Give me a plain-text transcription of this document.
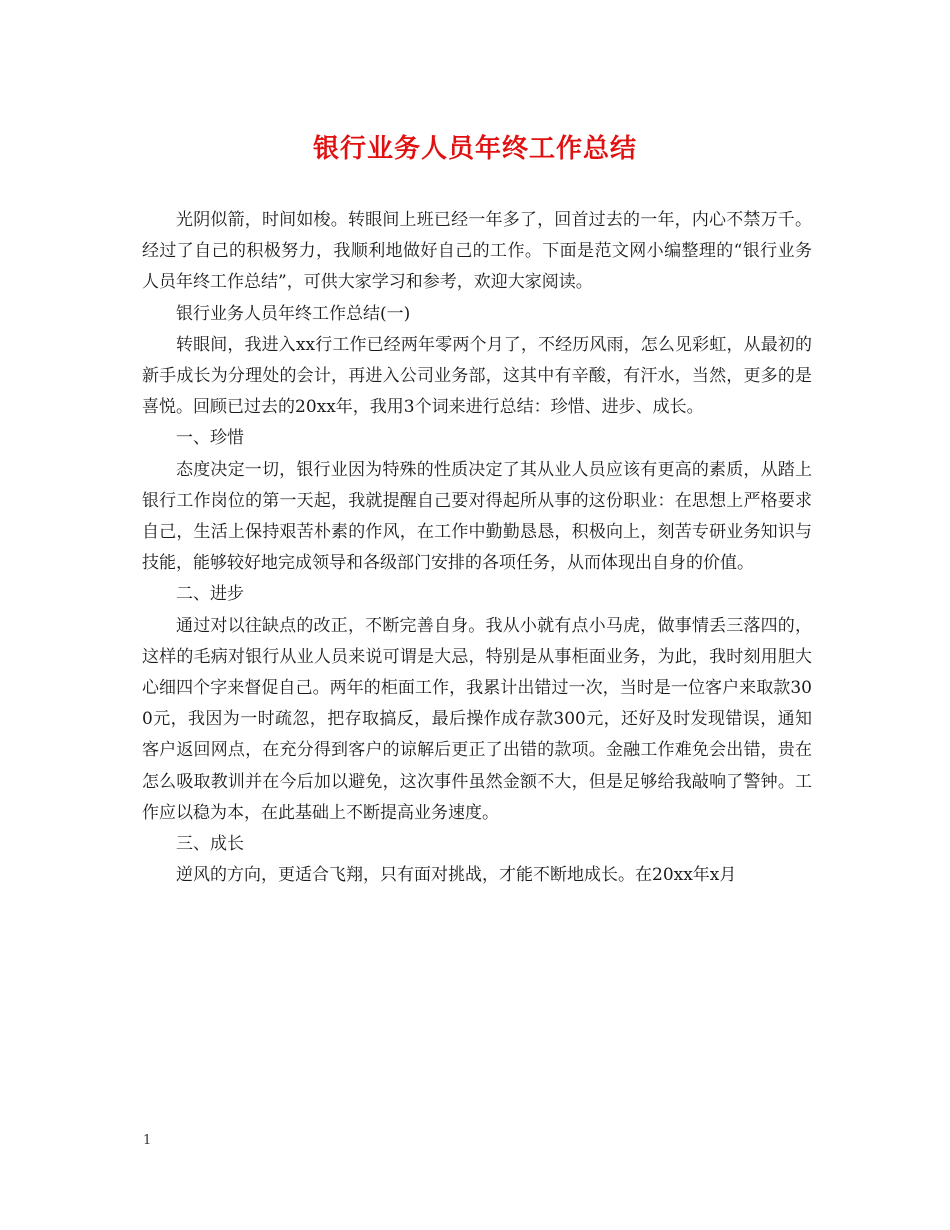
银行业务人员年终工作总结

光阴似箭，时间如梭。转眼间上班已经一年多了，回首过去的一年，内心不禁万千。经过了自己的积极努力，我顺利地做好自己的工作。下面是范文网小编整理的“银行业务人员年终工作总结”，可供大家学习和参考，欢迎大家阅读。

银行业务人员年终工作总结(一)

转眼间，我进入xx行工作已经两年零两个月了，不经历风雨，怎么见彩虹，从最初的新手成长为分理处的会计，再进入公司业务部，这其中有辛酸，有汗水，当然，更多的是喜悦。回顾已过去的20xx年，我用3个词来进行总结：珍惜、进步、成长。

一、珍惜

态度决定一切，银行业因为特殊的性质决定了其从业人员应该有更高的素质，从踏上银行工作岗位的第一天起，我就提醒自己要对得起所从事的这份职业：在思想上严格要求自己，生活上保持艰苦朴素的作风，在工作中勤勤恳恳，积极向上，刻苦专研业务知识与技能，能够较好地完成领导和各级部门安排的各项任务，从而体现出自身的价值。

二、进步

通过对以往缺点的改正，不断完善自身。我从小就有点小马虎，做事情丢三落四的，这样的毛病对银行从业人员来说可谓是大忌，特别是从事柜面业务，为此，我时刻用胆大心细四个字来督促自己。两年的柜面工作，我累计出错过一次，当时是一位客户来取款300元，我因为一时疏忽，把存取搞反，最后操作成存款300元，还好及时发现错误，通知客户返回网点，在充分得到客户的谅解后更正了出错的款项。金融工作难免会出错，贵在怎么吸取教训并在今后加以避免，这次事件虽然金额不大，但是足够给我敲响了警钟。工作应以稳为本，在此基础上不断提高业务速度。

三、成长

逆风的方向，更适合飞翔，只有面对挑战，才能不断地成长。在20xx年x月

1
